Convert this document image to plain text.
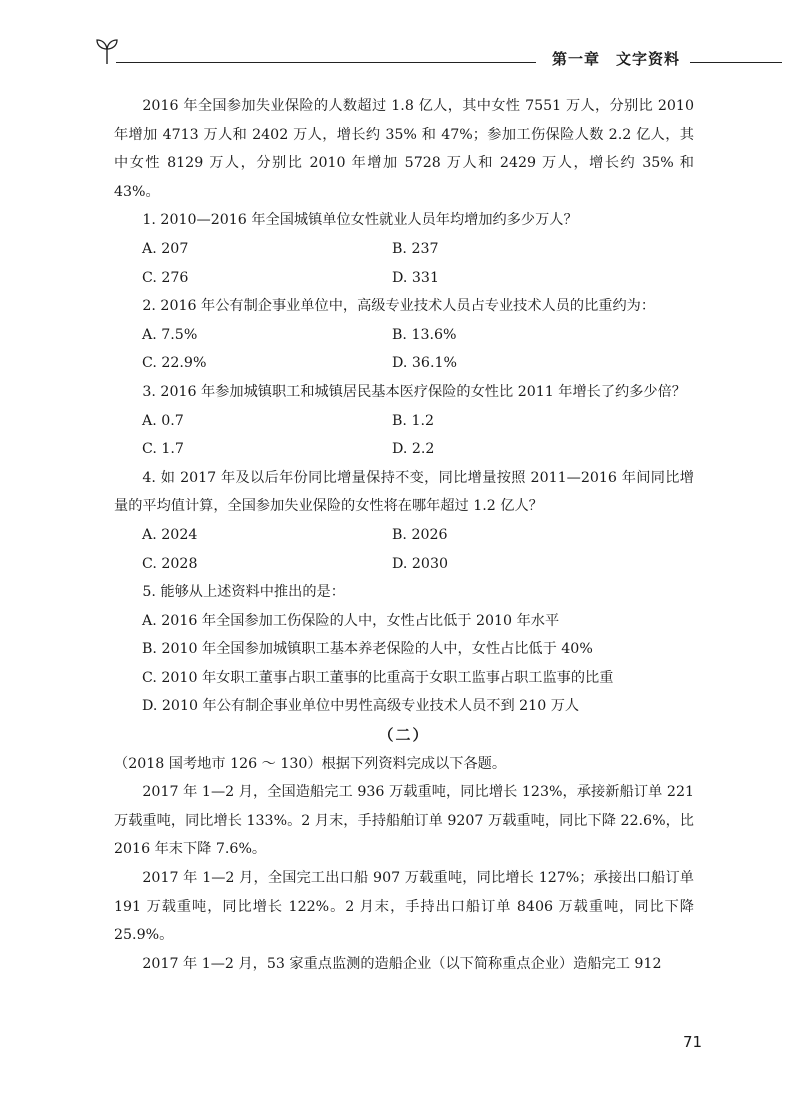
第一章 文字资料

2016 年全国参加失业保险的人数超过 1.8 亿人，其中女性 7551 万人，分别比 2010 年增加 4713 万人和 2402 万人，增长约 35% 和 47%；参加工伤保险人数 2.2 亿人，其中女性 8129 万人，分别比 2010 年增加 5728 万人和 2429 万人，增长约 35% 和 43%。

1. 2010—2016 年全国城镇单位女性就业人员年均增加约多少万人？

A. 207	B. 237
C. 276	D. 331

2. 2016 年公有制企事业单位中，高级专业技术人员占专业技术人员的比重约为：

A. 7.5%	B. 13.6%
C. 22.9%	D. 36.1%

3. 2016 年参加城镇职工和城镇居民基本医疗保险的女性比 2011 年增长了约多少倍？

A. 0.7	B. 1.2
C. 1.7	D. 2.2

4. 如 2017 年及以后年份同比增量保持不变，同比增量按照 2011—2016 年间同比增量的平均值计算，全国参加失业保险的女性将在哪年超过 1.2 亿人？

A. 2024	B. 2026
C. 2028	D. 2030

5. 能够从上述资料中推出的是：

A. 2016 年全国参加工伤保险的人中，女性占比低于 2010 年水平

B. 2010 年全国参加城镇职工基本养老保险的人中，女性占比低于 40%

C. 2010 年女职工董事占职工董事的比重高于女职工监事占职工监事的比重

D. 2010 年公有制企事业单位中男性高级专业技术人员不到 210 万人

（二）

（2018 国考地市 126 ～ 130）根据下列资料完成以下各题。

2017 年 1—2 月，全国造船完工 936 万载重吨，同比增长 123%，承接新船订单 221 万载重吨，同比增长 133%。2 月末，手持船舶订单 9207 万载重吨，同比下降 22.6%，比 2016 年末下降 7.6%。

2017 年 1—2 月，全国完工出口船 907 万载重吨，同比增长 127%；承接出口船订单 191 万载重吨，同比增长 122%。2 月末，手持出口船订单 8406 万载重吨，同比下降 25.9%。

2017 年 1—2 月，53 家重点监测的造船企业（以下简称重点企业）造船完工 912

71
